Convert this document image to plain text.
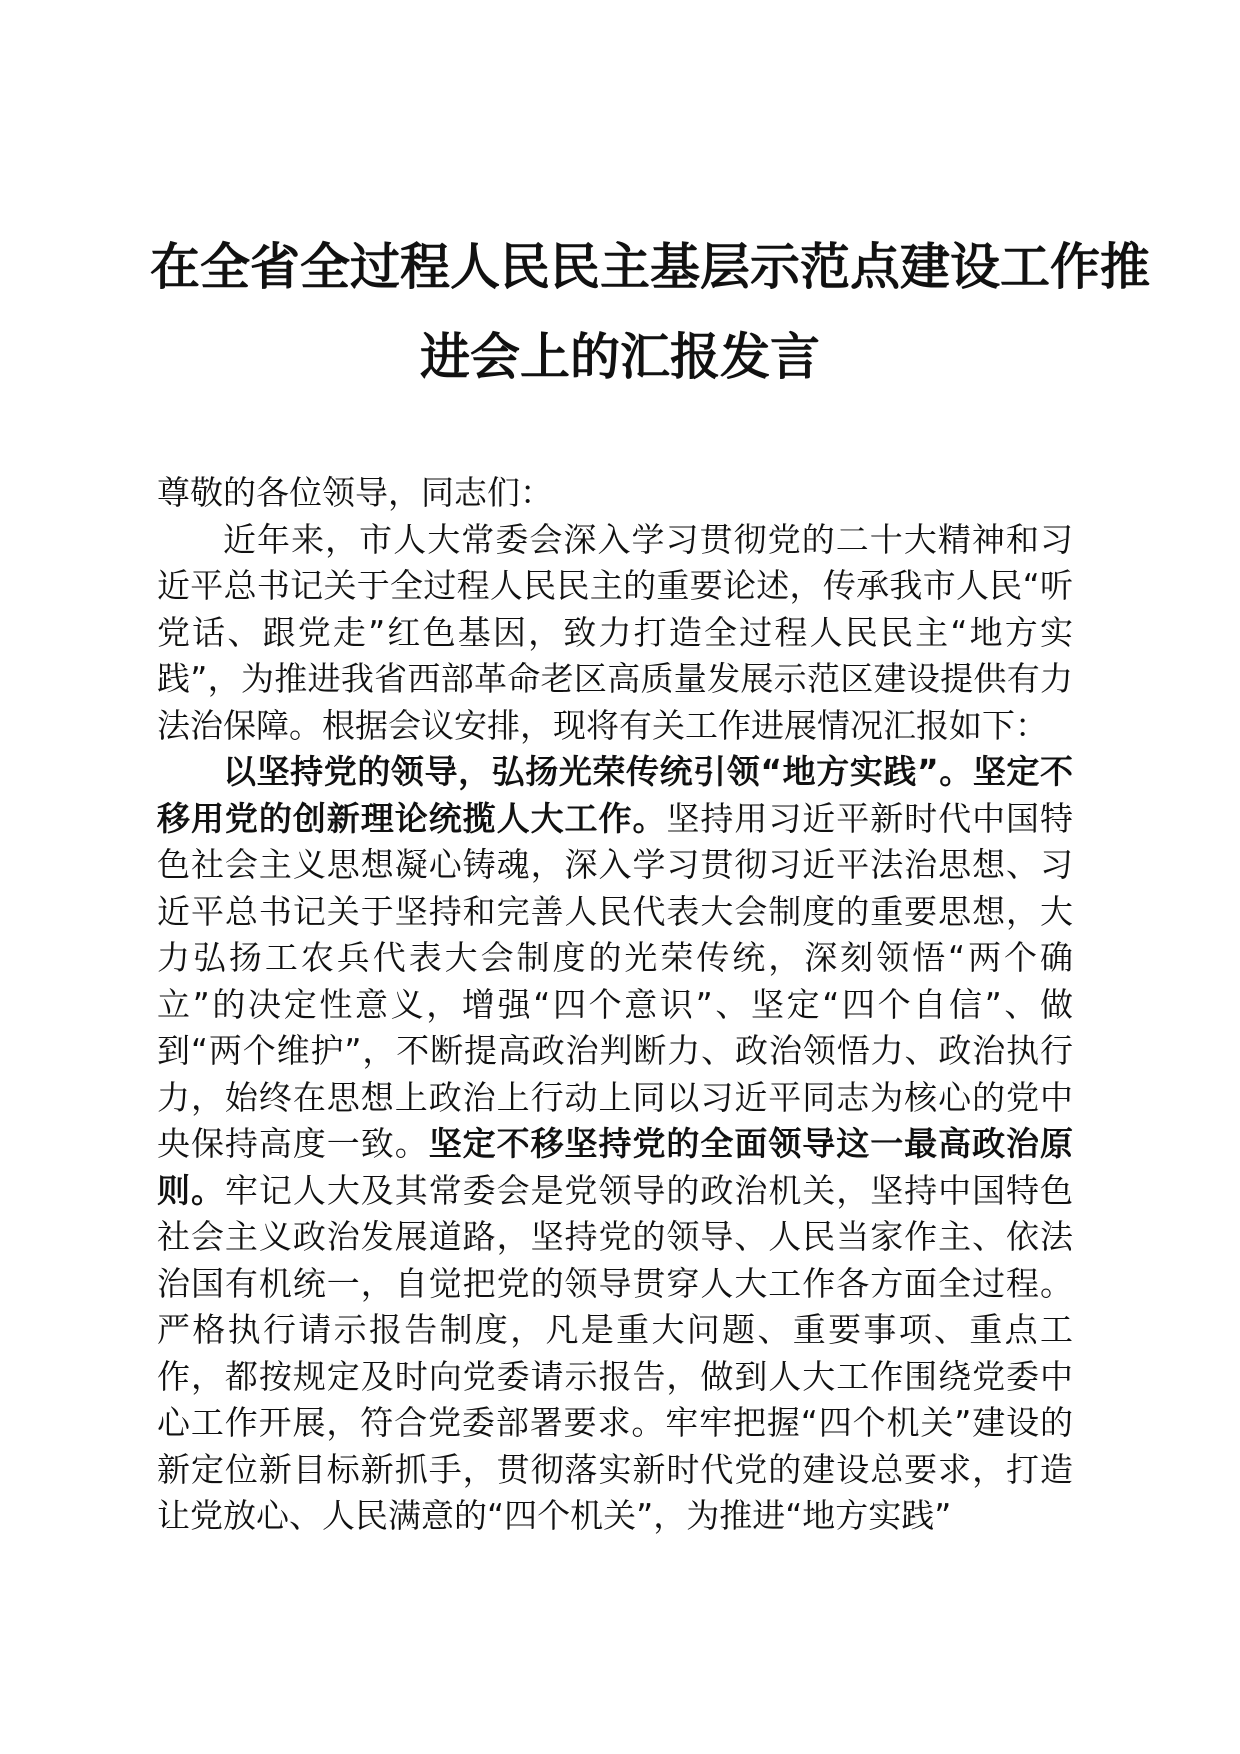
在全省全过程人民民主基层示范点建设工作推
进会上的汇报发言

尊敬的各位领导，同志们：

近年来，市人大常委会深入学习贯彻党的二十大精神和习近平总书记关于全过程人民民主的重要论述，传承我市人民“听党话、跟党走”红色基因，致力打造全过程人民民主“地方实践”，为推进我省西部革命老区高质量发展示范区建设提供有力法治保障。根据会议安排，现将有关工作进展情况汇报如下：

以坚持党的领导，弘扬光荣传统引领“地方实践”。坚定不移用党的创新理论统揽人大工作。坚持用习近平新时代中国特色社会主义思想凝心铸魂，深入学习贯彻习近平法治思想、习近平总书记关于坚持和完善人民代表大会制度的重要思想，大力弘扬工农兵代表大会制度的光荣传统，深刻领悟“两个确立”的决定性意义，增强“四个意识”、坚定“四个自信”、做到“两个维护”，不断提高政治判断力、政治领悟力、政治执行力，始终在思想上政治上行动上同以习近平同志为核心的党中央保持高度一致。坚定不移坚持党的全面领导这一最高政治原则。牢记人大及其常委会是党领导的政治机关，坚持中国特色社会主义政治发展道路，坚持党的领导、人民当家作主、依法治国有机统一，自觉把党的领导贯穿人大工作各方面全过程。严格执行请示报告制度，凡是重大问题、重要事项、重点工作，都按规定及时向党委请示报告，做到人大工作围绕党委中心工作开展，符合党委部署要求。牢牢把握“四个机关”建设的新定位新目标新抓手，贯彻落实新时代党的建设总要求，打造让党放心、人民满意的“四个机关”，为推进“地方实践”
